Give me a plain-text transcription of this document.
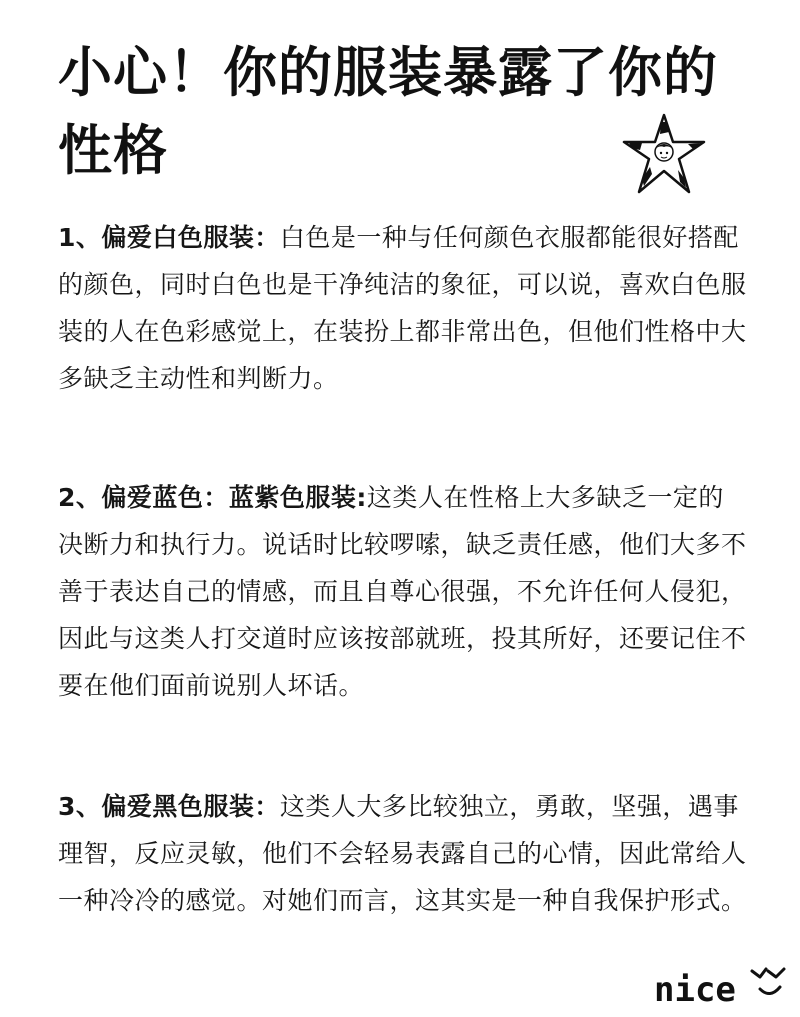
小心！你的服装暴露了你的性格
1、偏爱白色服装：白色是一种与任何颜色衣服都能很好搭配的颜色，同时白色也是干净纯洁的象征，可以说，喜欢白色服装的人在色彩感觉上，在装扮上都非常出色，但他们性格中大多缺乏主动性和判断力。
2、偏爱蓝色：蓝紫色服装:这类人在性格上大多缺乏一定的决断力和执行力。说话时比较啰嗦，缺乏责任感，他们大多不善于表达自己的情感，而且自尊心很强，不允许任何人侵犯，因此与这类人打交道时应该按部就班，投其所好，还要记住不要在他们面前说别人坏话。
3、偏爱黑色服装：这类人大多比较独立，勇敢，坚强，遇事理智，反应灵敏，他们不会轻易表露自己的心情，因此常给人一种冷冷的感觉。对她们而言，这其实是一种自我保护形式。
nice
